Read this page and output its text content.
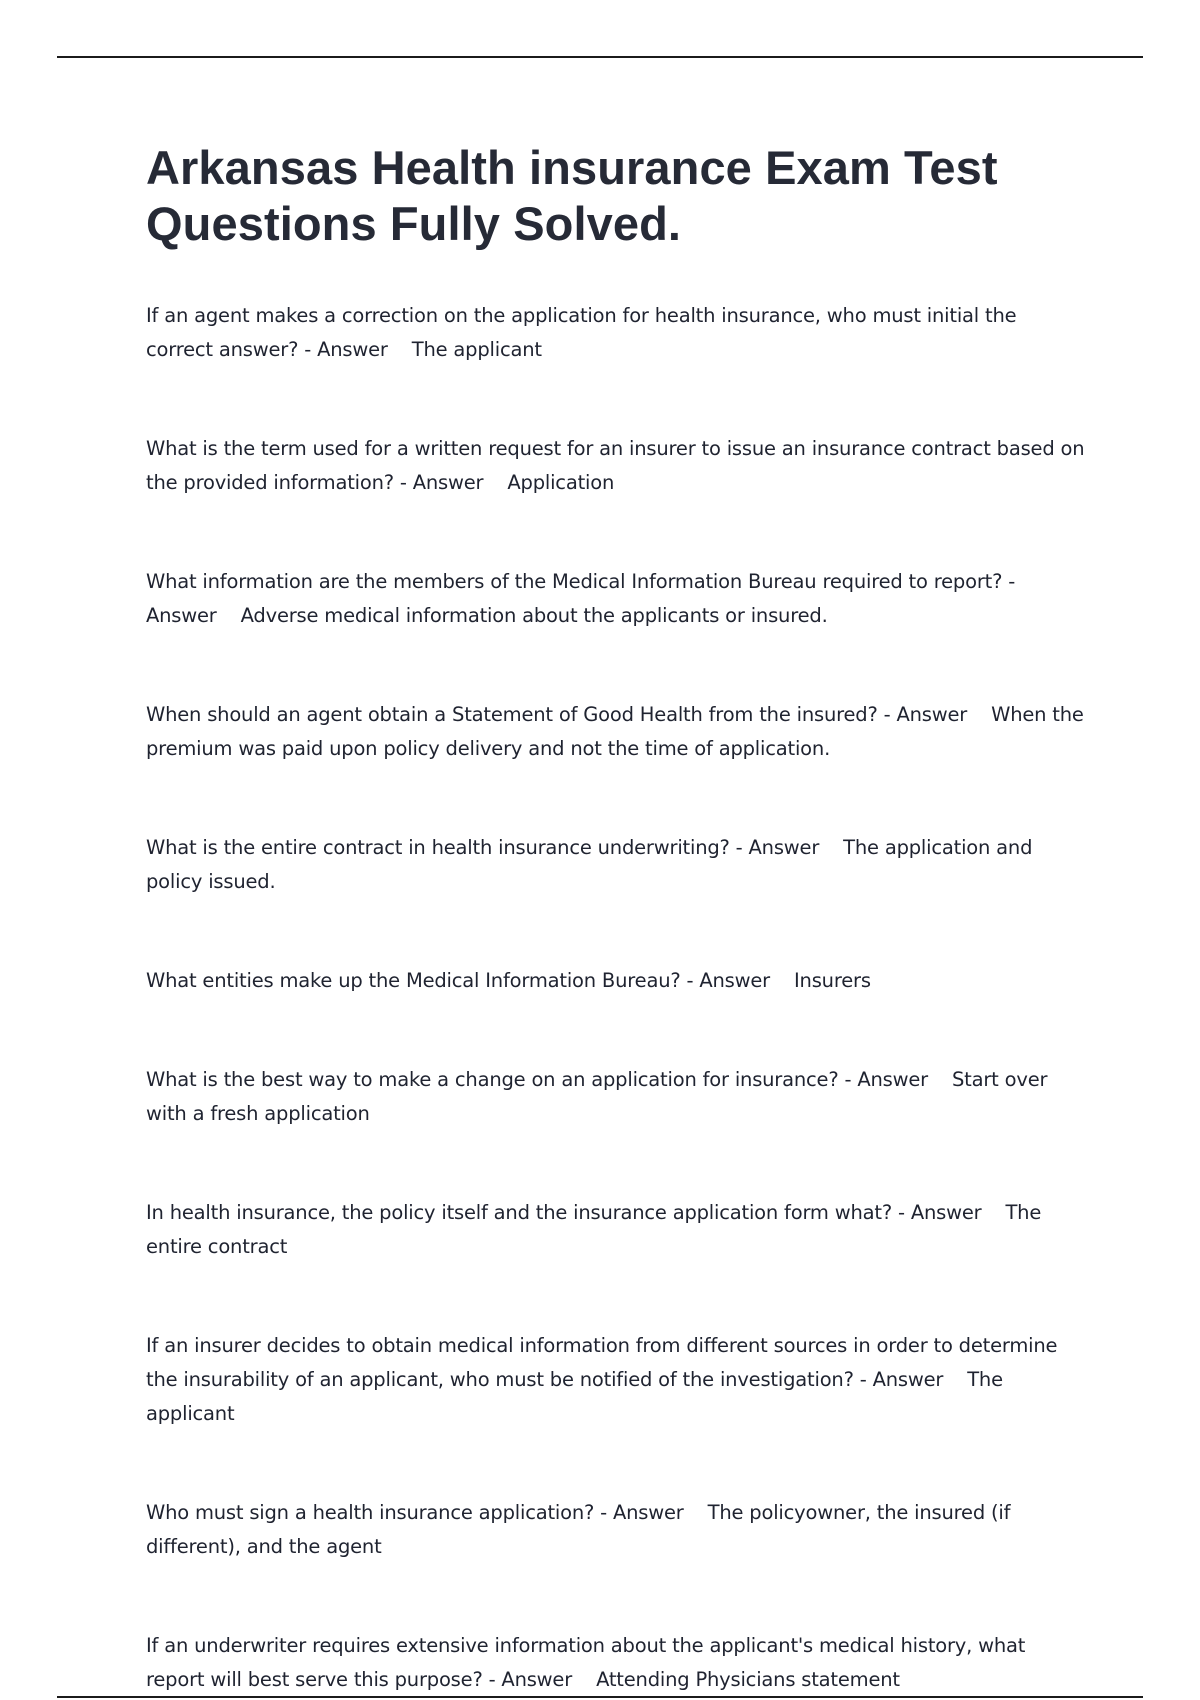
Arkansas Health insurance Exam Test Questions Fully Solved.
If an agent makes a correction on the application for health insurance, who must initial the correct answer? - Answer The applicant
What is the term used for a written request for an insurer to issue an insurance contract based on the provided information? - Answer Application
What information are the members of the Medical Information Bureau required to report? - Answer Adverse medical information about the applicants or insured.
When should an agent obtain a Statement of Good Health from the insured? - Answer When the premium was paid upon policy delivery and not the time of application.
What is the entire contract in health insurance underwriting? - Answer The application and policy issued.
What entities make up the Medical Information Bureau? - Answer Insurers
What is the best way to make a change on an application for insurance? - Answer Start over with a fresh application
In health insurance, the policy itself and the insurance application form what? - Answer The entire contract
If an insurer decides to obtain medical information from different sources in order to determine the insurability of an applicant, who must be notified of the investigation? - Answer The applicant
Who must sign a health insurance application? - Answer The policyowner, the insured (if different), and the agent
If an underwriter requires extensive information about the applicant's medical history, what report will best serve this purpose? - Answer Attending Physicians statement
